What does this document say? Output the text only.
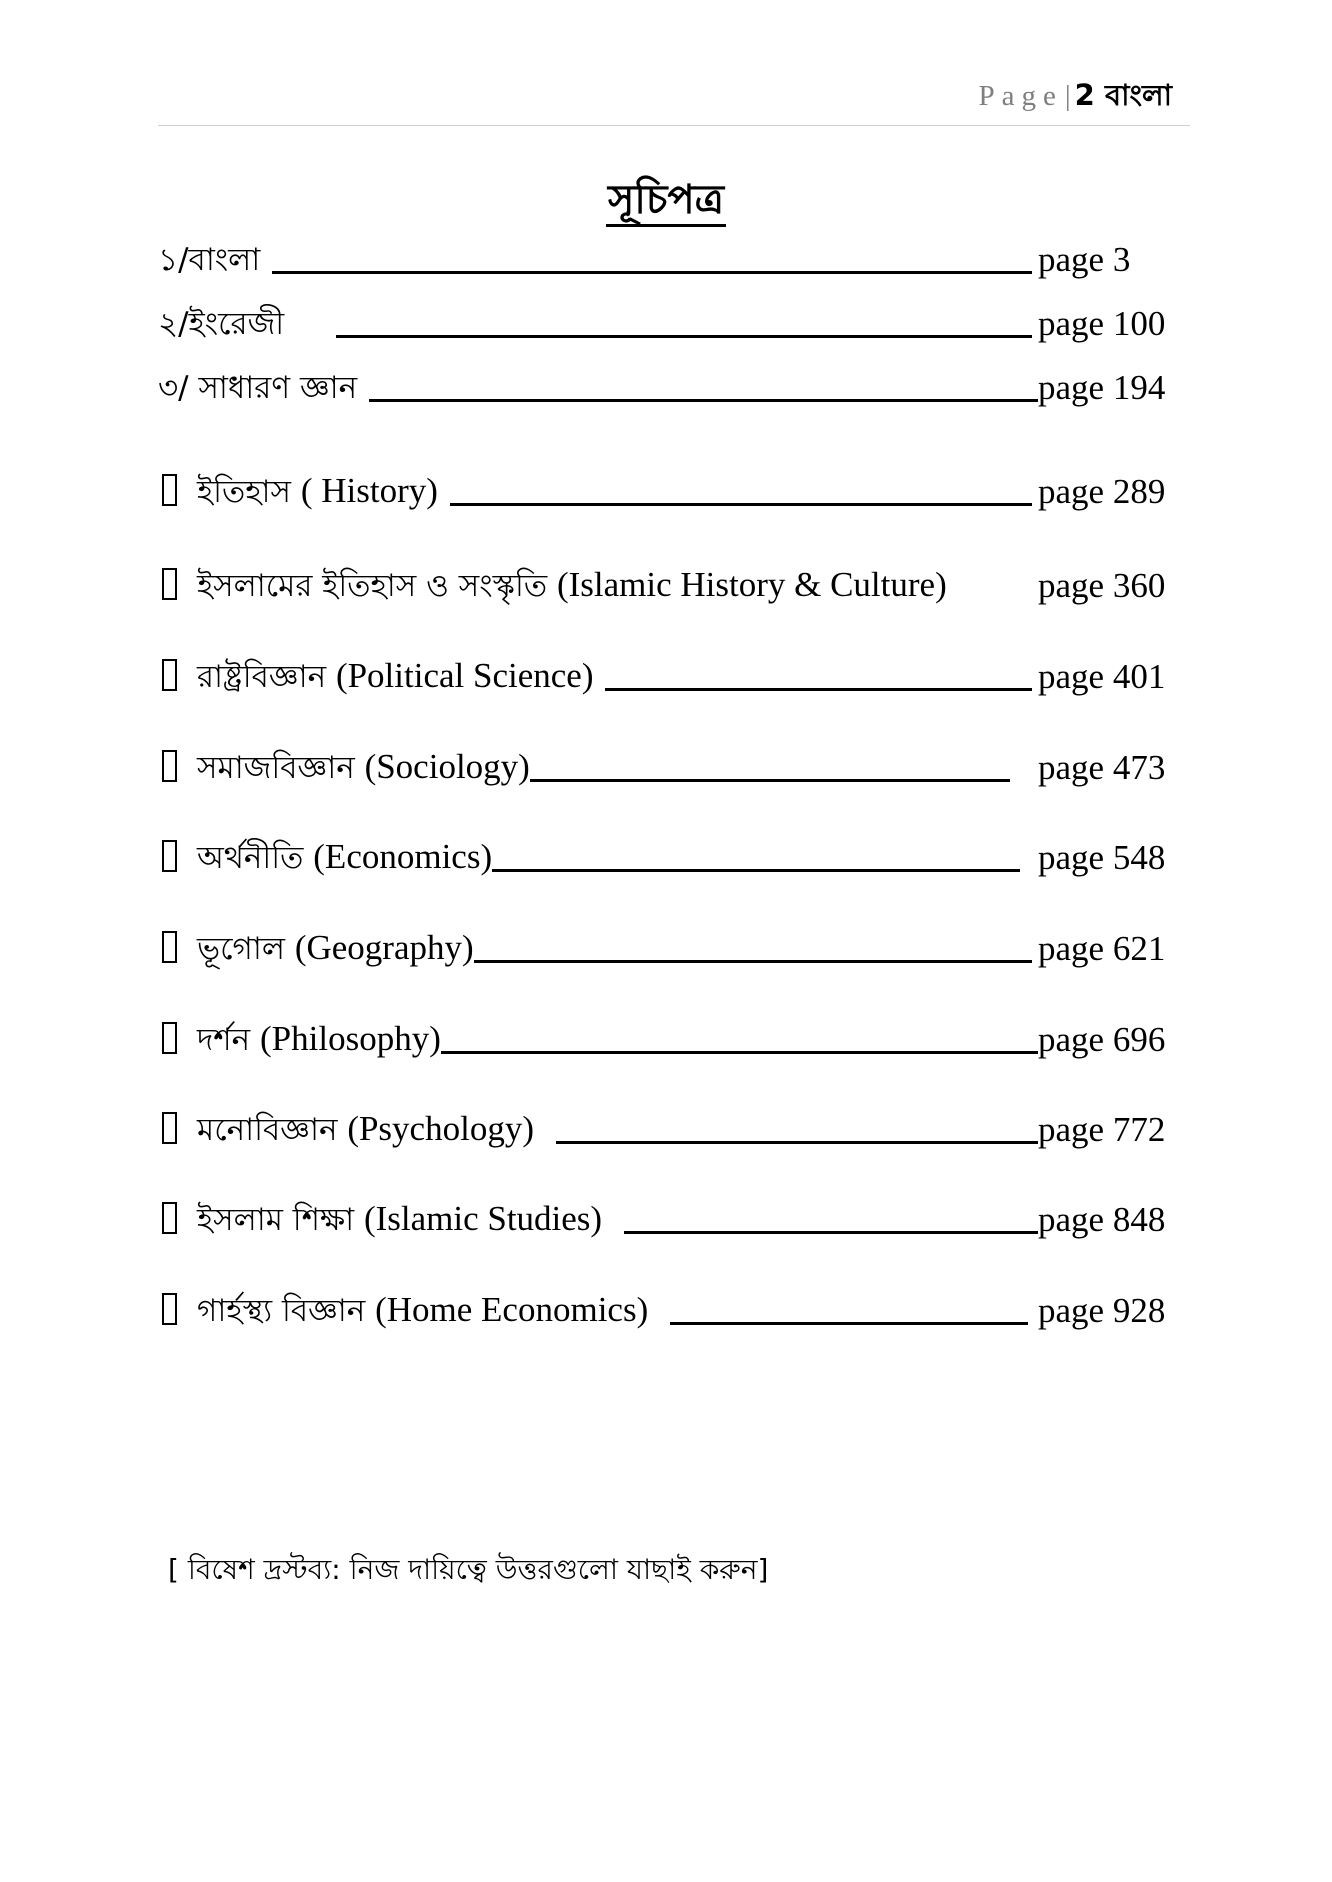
Page| 2 বাংলা
সূচিপত্র
১/বাংলা	page 3
২/ইংরেজী	page 100
৩/ সাধারণ জ্ঞান	page 194
ইতিহাস ( History)	page 289
ইসলামের ইতিহাস ও সংস্কৃতি (Islamic History & Culture)	page 360
রাষ্ট্রবিজ্ঞান (Political Science)	page 401
সমাজবিজ্ঞান (Sociology)	page 473
অর্থনীতি (Economics)	page 548
ভূগোল (Geography)	page 621
দর্শন (Philosophy)	page 696
মনোবিজ্ঞান (Psychology)	page 772
ইসলাম শিক্ষা (Islamic Studies)	page 848
গার্হস্থ্য বিজ্ঞান (Home Economics)	page 928
[ বিষেশ দ্রস্টব্য: নিজ দায়িত্বে উত্তরগুলো যাছাই করুন]
